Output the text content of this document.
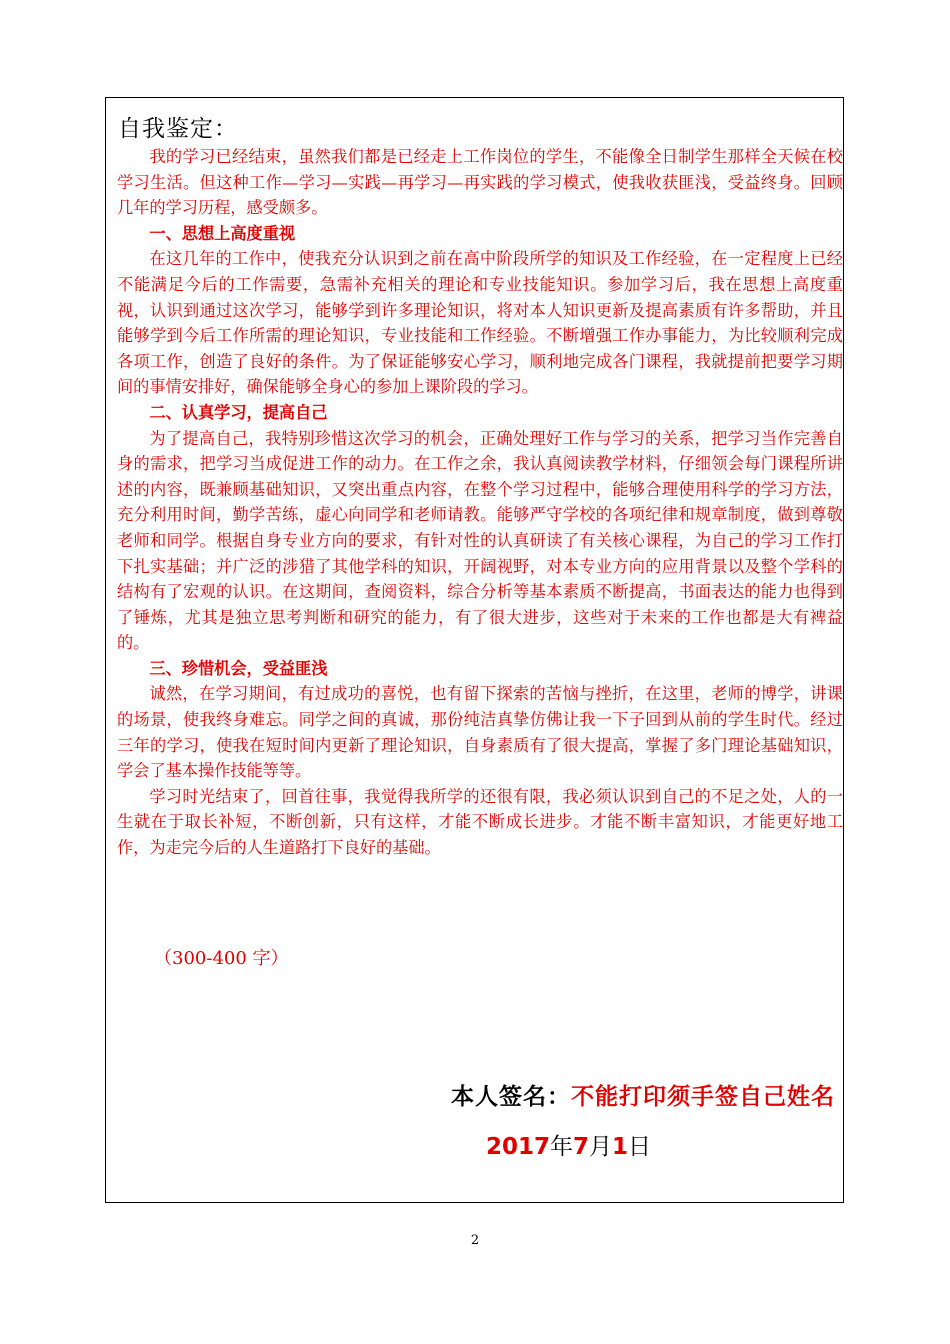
自我鉴定：

我的学习已经结束，虽然我们都是已经走上工作岗位的学生，不能像全日制学生那样全天候在校学习生活。但这种工作—学习—实践—再学习—再实践的学习模式，使我收获匪浅，受益终身。回顾几年的学习历程，感受颇多。

一、思想上高度重视

在这几年的工作中，使我充分认识到之前在高中阶段所学的知识及工作经验，在一定程度上已经不能满足今后的工作需要，急需补充相关的理论和专业技能知识。参加学习后，我在思想上高度重视，认识到通过这次学习，能够学到许多理论知识，将对本人知识更新及提高素质有许多帮助，并且能够学到今后工作所需的理论知识，专业技能和工作经验。不断增强工作办事能力，为比较顺利完成各项工作，创造了良好的条件。为了保证能够安心学习，顺利地完成各门课程，我就提前把要学习期间的事情安排好，确保能够全身心的参加上课阶段的学习。

二、认真学习，提高自己

为了提高自己，我特别珍惜这次学习的机会，正确处理好工作与学习的关系，把学习当作完善自身的需求，把学习当成促进工作的动力。在工作之余，我认真阅读教学材料，仔细领会每门课程所讲述的内容，既兼顾基础知识，又突出重点内容，在整个学习过程中，能够合理使用科学的学习方法，充分利用时间，勤学苦练，虚心向同学和老师请教。能够严守学校的各项纪律和规章制度，做到尊敬老师和同学。根据自身专业方向的要求，有针对性的认真研读了有关核心课程，为自己的学习工作打下扎实基础；并广泛的涉猎了其他学科的知识，开阔视野，对本专业方向的应用背景以及整个学科的结构有了宏观的认识。在这期间，查阅资料，综合分析等基本素质不断提高，书面表达的能力也得到了锤炼，尤其是独立思考判断和研究的能力，有了很大进步，这些对于未来的工作也都是大有裨益的。

三、珍惜机会，受益匪浅

诚然，在学习期间，有过成功的喜悦，也有留下探索的苦恼与挫折，在这里，老师的博学，讲课的场景，使我终身难忘。同学之间的真诚，那份纯洁真挚仿佛让我一下子回到从前的学生时代。经过三年的学习，使我在短时间内更新了理论知识，自身素质有了很大提高，掌握了多门理论基础知识，学会了基本操作技能等等。

学习时光结束了，回首往事，我觉得我所学的还很有限，我必须认识到自己的不足之处，人的一生就在于取长补短，不断创新，只有这样，才能不断成长进步。才能不断丰富知识，才能更好地工作，为走完今后的人生道路打下良好的基础。

（300-400 字）
本人签名：不能打印须手签自己姓名
2017年7月1日
2
